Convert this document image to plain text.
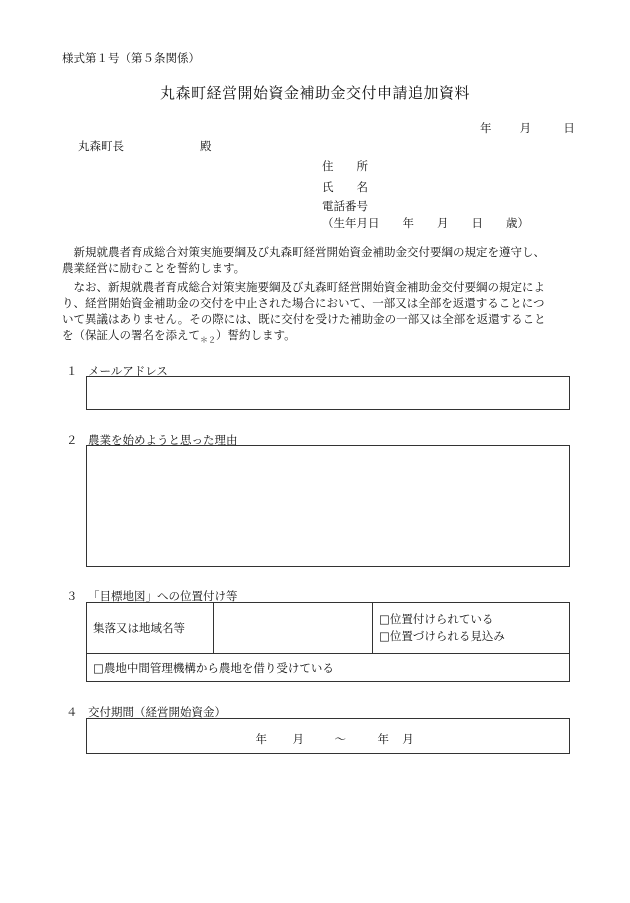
様式第１号（第５条関係）
丸森町経営開始資金補助金交付申請追加資料
年 月	日
丸森町長	殿
住　　所
氏　　名
電話番号
（生年月日　　年　　月　　日　　歳）
　新規就農者育成総合対策実施要綱及び丸森町経営開始資金補助金交付要綱の規定を遵守し、
農業経営に励むことを誓約します。
　なお、新規就農者育成総合対策実施要綱及び丸森町経営開始資金補助金交付要綱の規定によ
り、経営開始資金補助金の交付を中止された場合において、一部又は全部を返還することにつ
いて異議はありません。その際には、既に交付を受けた補助金の一部又は全部を返還すること
を（保証人の署名を添えて$_{*2}$）誓約します。
１ メールアドレス
２ 農業を始めようと思った理由
３ 「目標地図」への位置付け等
集落又は地域名等		
□位置付けられている
□位置づけられる見込み

□農地中間管理機構から農地を借り受けている
４ 交付期間（経営開始資金）
年 月	～	年 月
